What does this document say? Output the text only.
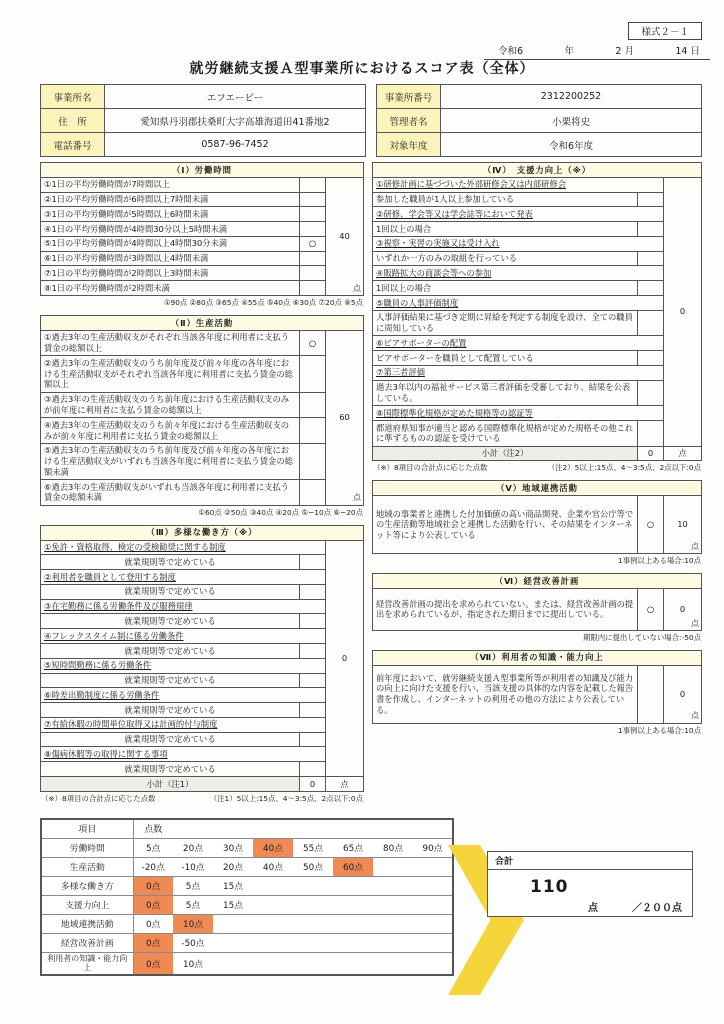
様式２－１
令和6	年	2 月	14 日
就労継続支援Ａ型事業所におけるスコア表（全体）
事業所名	エフエービー
住　所	愛知県丹羽郡扶桑町大字高雄海道田41番地2
電話番号	0587-96-7452
事業所番号	2312200252
管理者名	小栗将史
対象年度	令和6年度
（Ⅰ）労働時間		
①1日の平均労働時間が7時間以上		40
点

②1日の平均労働時間が6時間以上7時間未満		
③1日の平均労働時間が5時間以上6時間未満		
④1日の平均労働時間が4時間30分以上5時間未満		
⑤1日の平均労働時間が4時間以上4時間30分未満	○	
⑥1日の平均労働時間が3時間以上4時間未満		
⑦1日の平均労働時間が2時間以上3時間未満		
⑧1日の平均労働時間が2時間未満		
①90点 ②80点 ③65点 ④55点 ⑤40点 ⑥30点 ⑦20点 ⑧5点
（Ⅱ）生産活動		
①過去3年の生産活動収支がそれぞれ当該各年度に利用者に支払う賃金の総額以上	○	60
点

②過去3年の生産活動収支のうち前年度及び前々年度の各年度における生産活動収支がそれぞれ当該各年度に利用者に支払う賃金の総額以上		
③過去3年の生産活動収支のうち前年度における生産活動収支のみが前年度に利用者に支払う賃金の総額以上		
④過去3年の生産活動収支のうち前々年度における生産活動収支のみが前々年度に利用者に支払う賃金の総額以上		
⑤過去3年の生産活動収支のうち前年度及び前々年度の各年度における生産活動収支がいずれも当該各年度に利用者に支払う賃金の総額未満		
⑥過去3年の生産活動収支がいずれも当該各年度に利用者に支払う賃金の総額未満		
①60点 ②50点 ③40点 ④20点 ⑤−10点 ⑥−20点
（Ⅲ）多様な働き方（※）		
①免許・資格取得、検定の受検勧奨に関する制度		0
就業規則等で定めている		
②利用者を職員として登用する制度		
就業規則等で定めている		
③在宅勤務に係る労働条件及び服務規律		
就業規則等で定めている		
④フレックスタイム制に係る労働条件		
就業規則等で定めている		
⑤短時間勤務に係る労働条件		
就業規則等で定めている		
⑥時差出勤制度に係る労働条件		
就業規則等で定めている		
⑦有給休暇の時間単位取得又は計画的付与制度		
就業規則等で定めている		
⑧傷病休暇等の取得に関する事項		
就業規則等で定めている		
小計（注1）	0	点
（※）8項目の合計点に応じた点数	（注1）5以上:15点、4～3:5点、2点以下:0点
（Ⅳ）　支援力向上（※）		
①研修計画に基づづいた外部研修会又は内部研修会		0
参加した職員が1人以上参加している		
②研修、学会等又は学会誌等において発表		
1回以上の場合		
③視察・実習の実施又は受け入れ		
いずれか一方のみの取組を行っている		
④販路拡大の商談会等への参加		
1回以上の場合		
⑤職員の人事評価制度		
人事評価結果に基づき定期に昇給を判定する制度を設け、全ての職員に周知している		
⑥ピアサポーターの配置		
ピアサポーターを職員として配置している		
⑦第三者評価		
過去3年以内の福祉サービス第三者評価を受審しており、結果を公表している。		
⑧国際標準化規格が定めた規格等の認証等		
都道府県知事が適当と認める国際標準化規格が定めた規格その他これに準ずるものの認証を受けている		
小計（注2）	0	点
（※）8項目の合計点に応じた点数	（注2）5以上:15点、4～3:5点、2点以下:0点
（Ⅴ）地域連携活動
地域の事業者と連携した付加価値の高い商品開発、企業や官公庁等での生産活動等地域社会と連携した活動を行い、その結果をインターネット等により公表している	○	10
点
1事例以上ある場合:10点
（Ⅵ）経営改善計画
経営改善計画の提出を求められていない。または、経営改善計画の提出を求められているが、指定された期日までに提出している。	○	0
点
期限内に提出していない場合:-50点
（Ⅶ）利用者の知識・能力向上
前年度において、就労継続支援Ａ型事業所等が利用者の知識及び能力の向上に向けた支援を行い、当該支援の具体的な内容を記載した報告書を作成し、インターネットの利用その他の方法により公表している。		0
点
1事例以上ある場合:10点
項目	点数							
労働時間	5点	20点	30点	40点	55点	65点	80点	90点
生産活動	-20点	-10点	20点	40点	50点	60点		
多様な働き方	0点	5点	15点					
支援力向上	0点	5点	15点					
地域連携活動	0点	10点						
経営改善計画	0点	-50点						
利用者の知識・能力向上	0点	10点						
合計
110
点	／２００点
